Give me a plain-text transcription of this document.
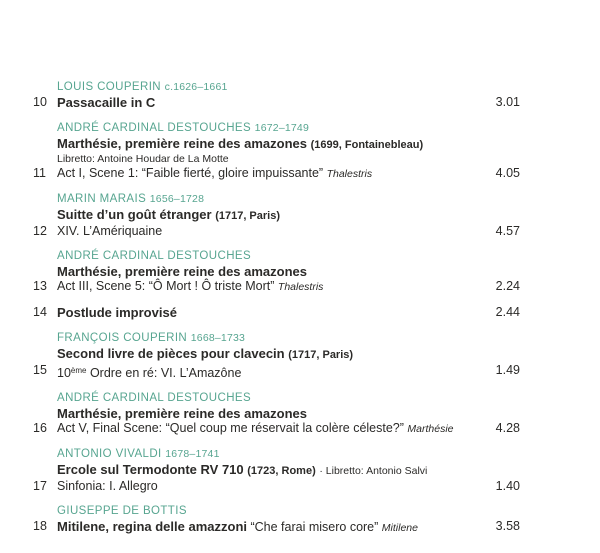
LOUIS COUPERIN c.1626–1661
10 Passacaille in C	3.01
ANDRÉ CARDINAL DESTOUCHES 1672–1749
Marthésie, première reine des amazones (1699, Fontainebleau)
Libretto: Antoine Houdar de La Motte
11 Act I, Scene 1: “Faible fierté, gloire impuissante” Thalestris	4.05
MARIN MARAIS 1656–1728
Suitte d’un goût étranger (1717, Paris)
12 XIV. L’Amériquaine	4.57
ANDRÉ CARDINAL DESTOUCHES
Marthésie, première reine des amazones
13 Act III, Scene 5: “Ô Mort ! Ô triste Mort” Thalestris	2.24
14 Postlude improvisé	2.44
FRANÇOIS COUPERIN 1668–1733
Second livre de pièces pour clavecin (1717, Paris)
15 10ème Ordre en ré: VI. L’Amazône	1.49
ANDRÉ CARDINAL DESTOUCHES
Marthésie, première reine des amazones
16 Act V, Final Scene: “Quel coup me réservait la colère céleste?” Marthésie	4.28
ANTONIO VIVALDI 1678–1741
Ercole sul Termodonte RV 710 (1723, Rome) · Libretto: Antonio Salvi
17 Sinfonia: I. Allegro	1.40
GIUSEPPE DE BOTTIS
18 Mitilene, regina delle amazzoni “Che farai misero core” Mitilene	3.58
